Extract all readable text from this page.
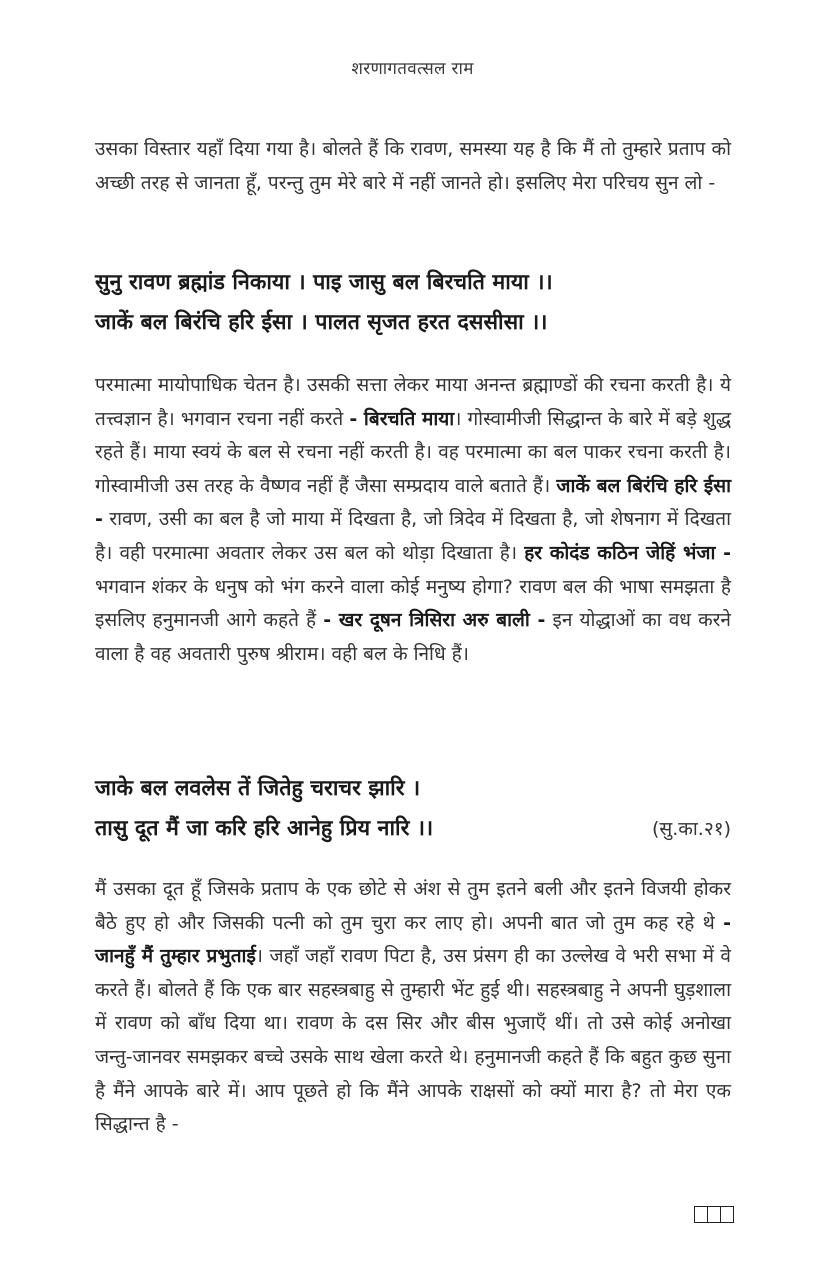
शरणागतवत्सल राम

उसका विस्तार यहाँ दिया गया है। बोलते हैं कि रावण, समस्या यह है कि मैं तो तुम्हारे प्रताप को अच्छी तरह से जानता हूँ, परन्तु तुम मेरे बारे में नहीं जानते हो। इसलिए मेरा परिचय सुन लो -

सुनु रावण ब्रह्मांड निकाया । पाइ जासु बल बिरचति माया ।।
जाकें बल बिरंचि हरि ईसा । पालत सृजत हरत दससीसा ।।

परमात्मा मायोपाधिक चेतन है। उसकी सत्ता लेकर माया अनन्त ब्रह्माण्डों की रचना करती है। ये तत्त्वज्ञान है। भगवान रचना नहीं करते - बिरचति माया। गोस्वामीजी सिद्धान्त के बारे में बड़े शुद्ध रहते हैं। माया स्वयं के बल से रचना नहीं करती है। वह परमात्मा का बल पाकर रचना करती है। गोस्वामीजी उस तरह के वैष्णव नहीं हैं जैसा सम्प्रदाय वाले बताते हैं। जाकें बल बिरंचि हरि ईसा - रावण, उसी का बल है जो माया में दिखता है, जो त्रिदेव में दिखता है, जो शेषनाग में दिखता है। वही परमात्मा अवतार लेकर उस बल को थोड़ा दिखाता है। हर कोदंड कठिन जेहिं भंजा - भगवान शंकर के धनुष को भंग करने वाला कोई मनुष्य होगा? रावण बल की भाषा समझता है इसलिए हनुमानजी आगे कहते हैं - खर दूषन त्रिसिरा अरु बाली - इन योद्धाओं का वध करने वाला है वह अवतारी पुरुष श्रीराम। वही बल के निधि हैं।

जाके बल लवलेस तें जितेहु चराचर झारि ।
तासु दूत मैं जा करि हरि आनेहु प्रिय नारि ।।	(सु.का.२१)

मैं उसका दूत हूँ जिसके प्रताप के एक छोटे से अंश से तुम इतने बली और इतने विजयी होकर बैठे हुए हो और जिसकी पत्नी को तुम चुरा कर लाए हो। अपनी बात जो तुम कह रहे थे - जानहुँ मैं तुम्हार प्रभुताई। जहाँ जहाँ रावण पिटा है, उस प्रंसग ही का उल्लेख वे भरी सभा में वे करते हैं। बोलते हैं कि एक बार सहस्त्रबाहु से तुम्हारी भेंट हुई थी। सहस्त्रबाहु ने अपनी घुड़शाला में रावण को बाँध दिया था। रावण के दस सिर और बीस भुजाएँ थीं। तो उसे कोई अनोखा जन्तु-जानवर समझकर बच्चे उसके साथ खेला करते थे। हनुमानजी कहते हैं कि बहुत कुछ सुना है मैंने आपके बारे में। आप पूछते हो कि मैंने आपके राक्षसों को क्यों मारा है? तो मेरा एक सिद्धान्त है -
